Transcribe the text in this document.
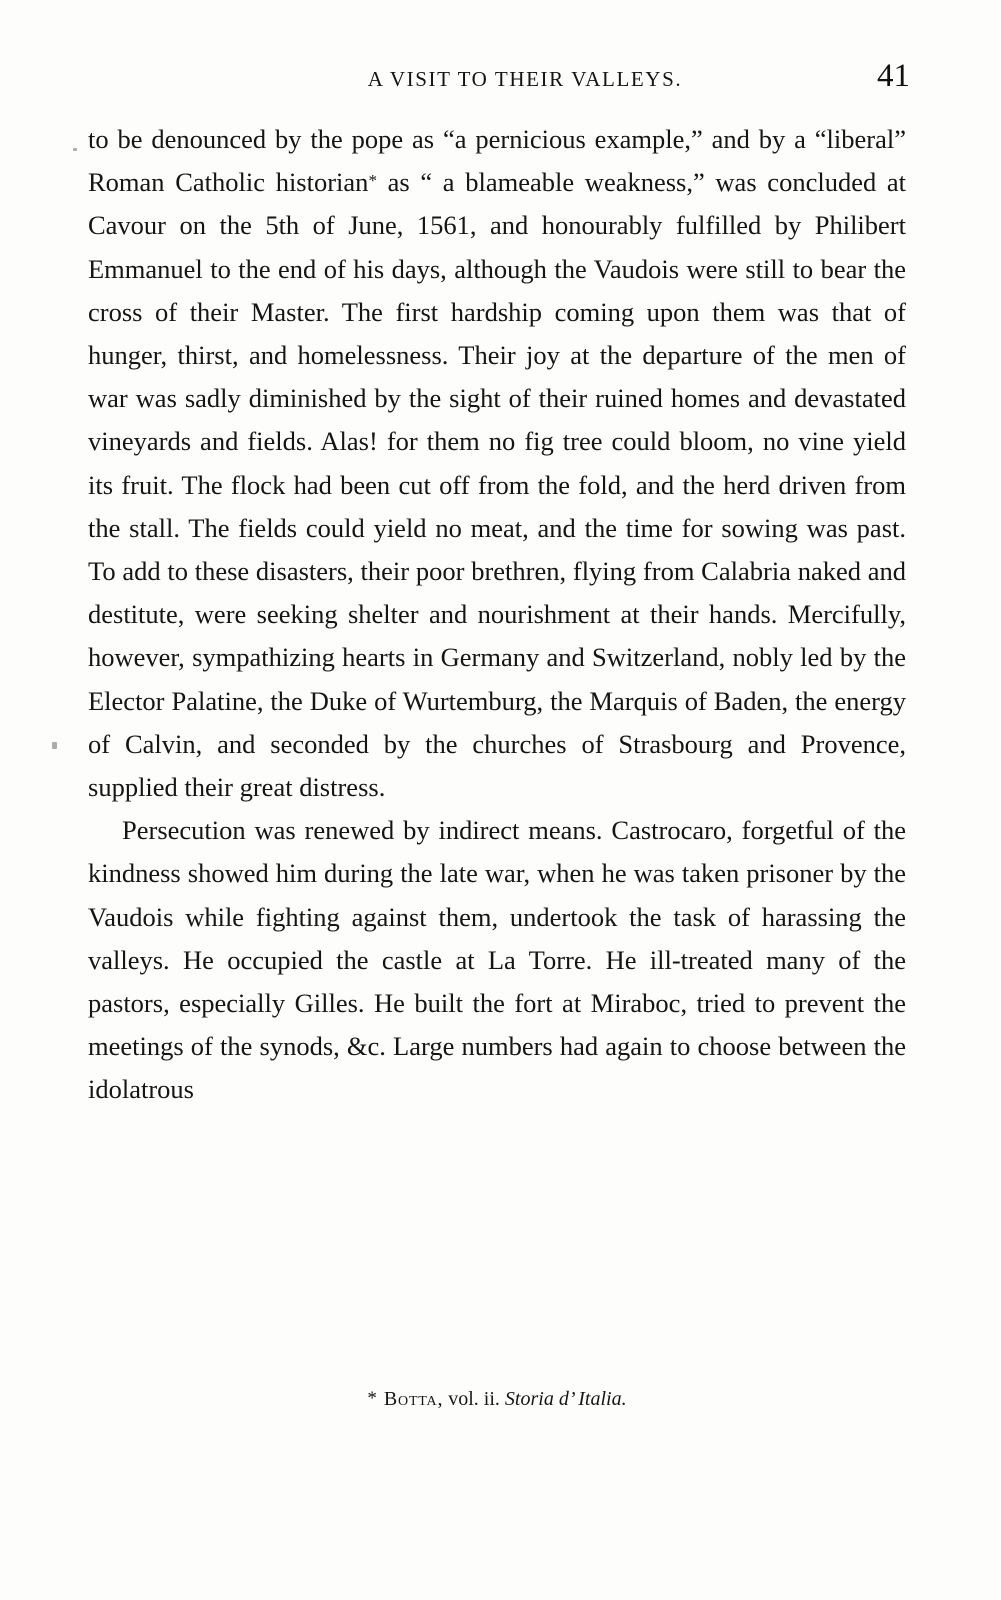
A VISIT TO THEIR VALLEYS.	41

to be denounced by the pope as “a pernicious example,” and by a “liberal” Roman Catholic historian* as “ a blameable weakness,” was concluded at Cavour on the 5th of June, 1561, and honourably fulfilled by Philibert Emmanuel to the end of his days, although the Vaudois were still to bear the cross of their Master. The first hardship coming upon them was that of hunger, thirst, and homelessness. Their joy at the departure of the men of war was sadly diminished by the sight of their ruined homes and devastated vineyards and fields. Alas! for them no fig tree could bloom, no vine yield its fruit. The flock had been cut off from the fold, and the herd driven from the stall. The fields could yield no meat, and the time for sowing was past. To add to these disasters, their poor brethren, flying from Calabria naked and destitute, were seeking shelter and nourishment at their hands. Mercifully, however, sympathizing hearts in Germany and Switzerland, nobly led by the Elector Palatine, the Duke of Wurtemburg, the Marquis of Baden, the energy of Calvin, and seconded by the churches of Strasbourg and Provence, supplied their great distress.

Persecution was renewed by indirect means. Castrocaro, forgetful of the kindness showed him during the late war, when he was taken prisoner by the Vaudois while fighting against them, undertook the task of harassing the valleys. He occupied the castle at La Torre. He ill-treated many of the pastors, especially Gilles. He built the fort at Miraboc, tried to prevent the meetings of the synods, &c. Large numbers had again to choose between the idolatrous

* Botta, vol. ii. Storia d’ Italia.
